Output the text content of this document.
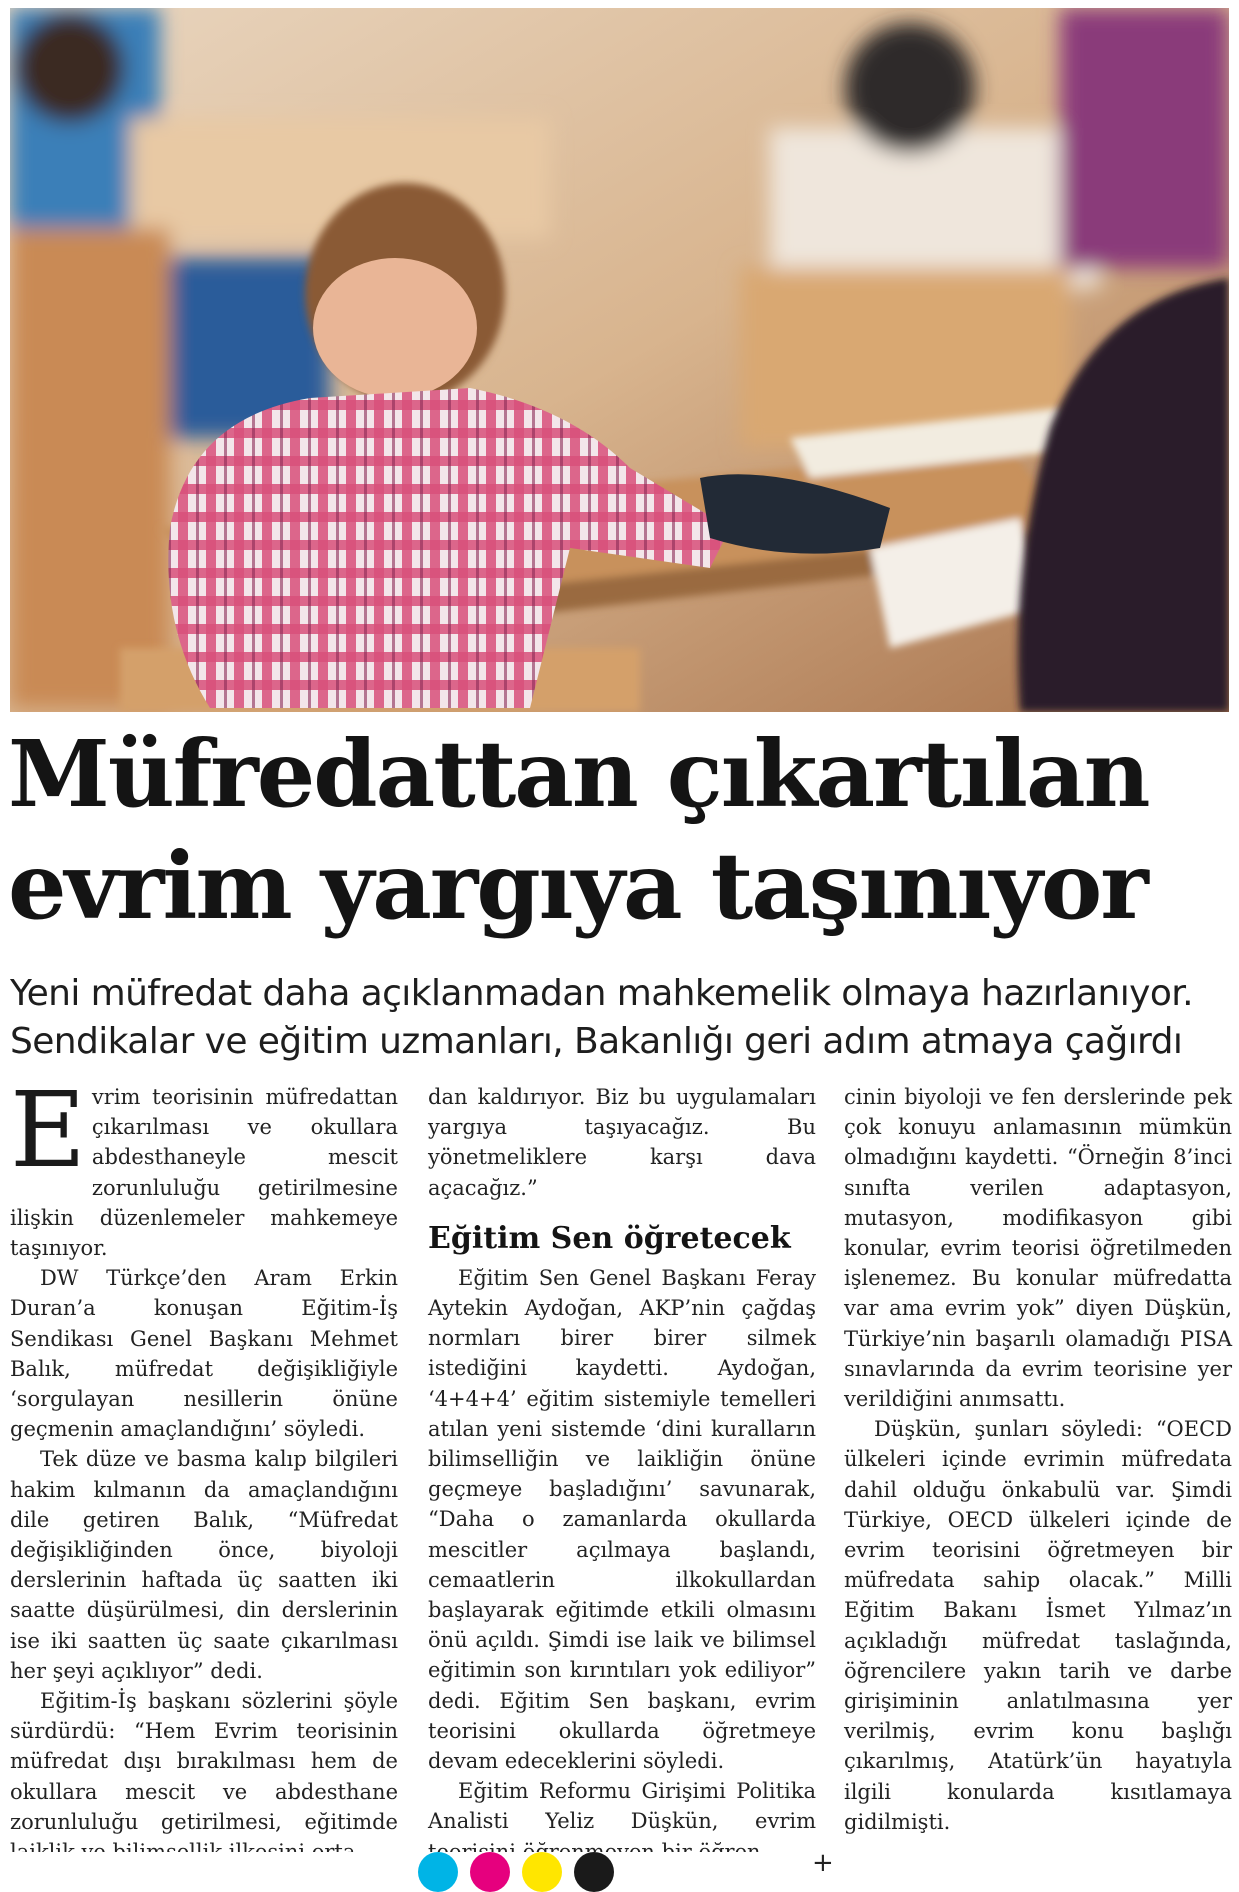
Müfredattan çıkartılan
evrim yargıya taşınıyor
Yeni müfredat daha açıklanmadan mahkemelik olmaya hazırlanıyor.
Sendikalar ve eğitim uzmanları, Bakanlığı geri adım atmaya çağırdı

Evrim teorisinin müfredattan çıkarılması ve okullara abdesthaneyle mescit zorunluluğu getirilmesine ilişkin düzenlemeler mahkemeye taşınıyor.

DW Türkçe’den Aram Erkin Duran’a konuşan Eğitim-İş Sendikası Genel Başkanı Mehmet Balık, müfredat değişikliğiyle ‘sorgulayan nesillerin önüne geçmenin amaçlandığını’ söyledi.

Tek düze ve basma kalıp bilgileri hakim kılmanın da amaçlandığını dile getiren Balık, “Müfredat değişikliğinden önce, biyoloji derslerinin haftada üç saatten iki saatte düşürülmesi, din derslerinin ise iki saatten üç saate çıkarılması her şeyi açıklıyor” dedi.

Eğitim-İş başkanı sözlerini şöyle sürdürdü: “Hem Evrim teorisinin müfredat dışı bırakılması hem de okullara mescit ve abdesthane zorunluluğu getirilmesi, eğitimde

dan kaldırıyor. Biz bu uygulamaları yargıya taşıyacağız. Bu yönetmeliklere karşı dava açacağız.”

Eğitim Sen öğretecek

Eğitim Sen Genel Başkanı Feray Aytekin Aydoğan, AKP’nin çağdaş normları birer birer silmek istediğini kaydetti. Aydoğan, ‘4+4+4’ eğitim sistemiyle temelleri atılan yeni sistemde ‘dini kuralların bilimselliğin ve laikliğin önüne geçmeye başladığını’ savunarak, “Daha o zamanlarda okullarda mescitler açılmaya başlandı, cemaatlerin ilkokullardan başlayarak eğitimde etkili olmasını önü açıldı. Şimdi ise laik ve bilimsel eğitimin son kırıntıları yok ediliyor” dedi. Eğitim Sen başkanı, evrim teorisini okullarda öğretmeye devam edeceklerini söyledi.

Eğitim Reformu Girişimi Politika Analisti Yeliz Düşkün, evrim

cinin biyoloji ve fen derslerinde pek çok konuyu anlamasının mümkün olmadığını kaydetti. “Örneğin 8’inci sınıfta verilen adaptasyon, mutasyon, modifikasyon gibi konular, evrim teorisi öğretilmeden işlenemez. Bu konular müfredatta var ama evrim yok” diyen Düşkün, Türkiye’nin başarılı olamadığı PISA sınavlarında da evrim teorisine yer verildiğini anımsattı.

Düşkün, şunları söyledi: “OECD ülkeleri içinde evrimin müfredata dahil olduğu önkabulü var. Şimdi Türkiye, OECD ülkeleri içinde de evrim teorisini öğretmeyen bir müfredata sahip olacak.” Milli Eğitim Bakanı İsmet Yılmaz’ın açıkladığı müfredat taslağında, öğrencilere yakın tarih ve darbe girişiminin anlatılmasına yer verilmiş, evrim konu başlığı çıkarılmış, Atatürk’ün hayatıyla ilgili konularda kısıtlamaya gidilmişti.

+
